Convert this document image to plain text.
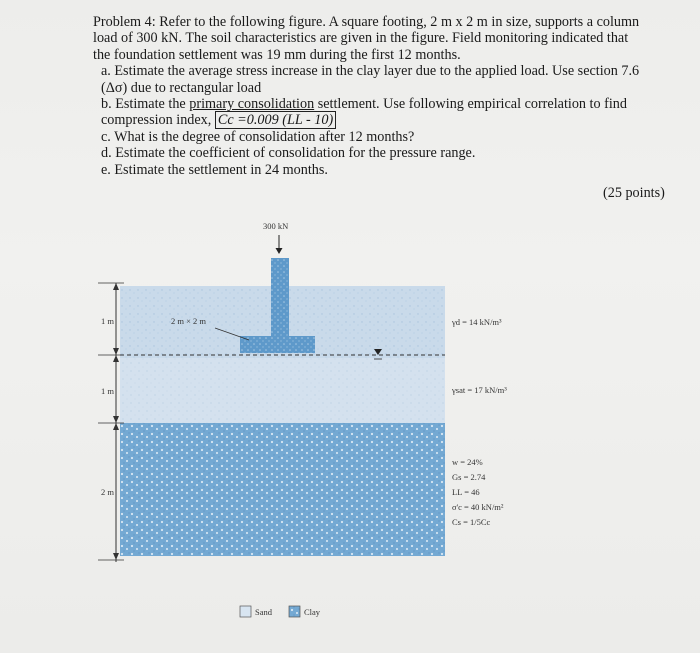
Problem 4: Refer to the following figure. A square footing, 2 m x 2 m in size, supports a column

load of 300 kN. The soil characteristics are given in the figure. Field monitoring indicated that

the foundation settlement was 19 mm during the first 12 months.

a. Estimate the average stress increase in the clay layer due to the applied load. Use section 7.6

(Δσ) due to rectangular load

b. Estimate the primary consolidation settlement. Use following empirical correlation to find

compression index, Cc =0.009 (LL - 10)

c. What is the degree of consolidation after 12 months?

d. Estimate the coefficient of consolidation for the pressure range.

e. Estimate the settlement in 24 months.

(25 points)
300 kN
2 m × 2 m
1 m
1 m
2 m
γd = 14 kN/m³
γsat = 17 kN/m³
w = 24%
Gs = 2.74
LL = 46
σ'c = 40 kN/m²
Cs = 1/5Cc
Sand	Clay
